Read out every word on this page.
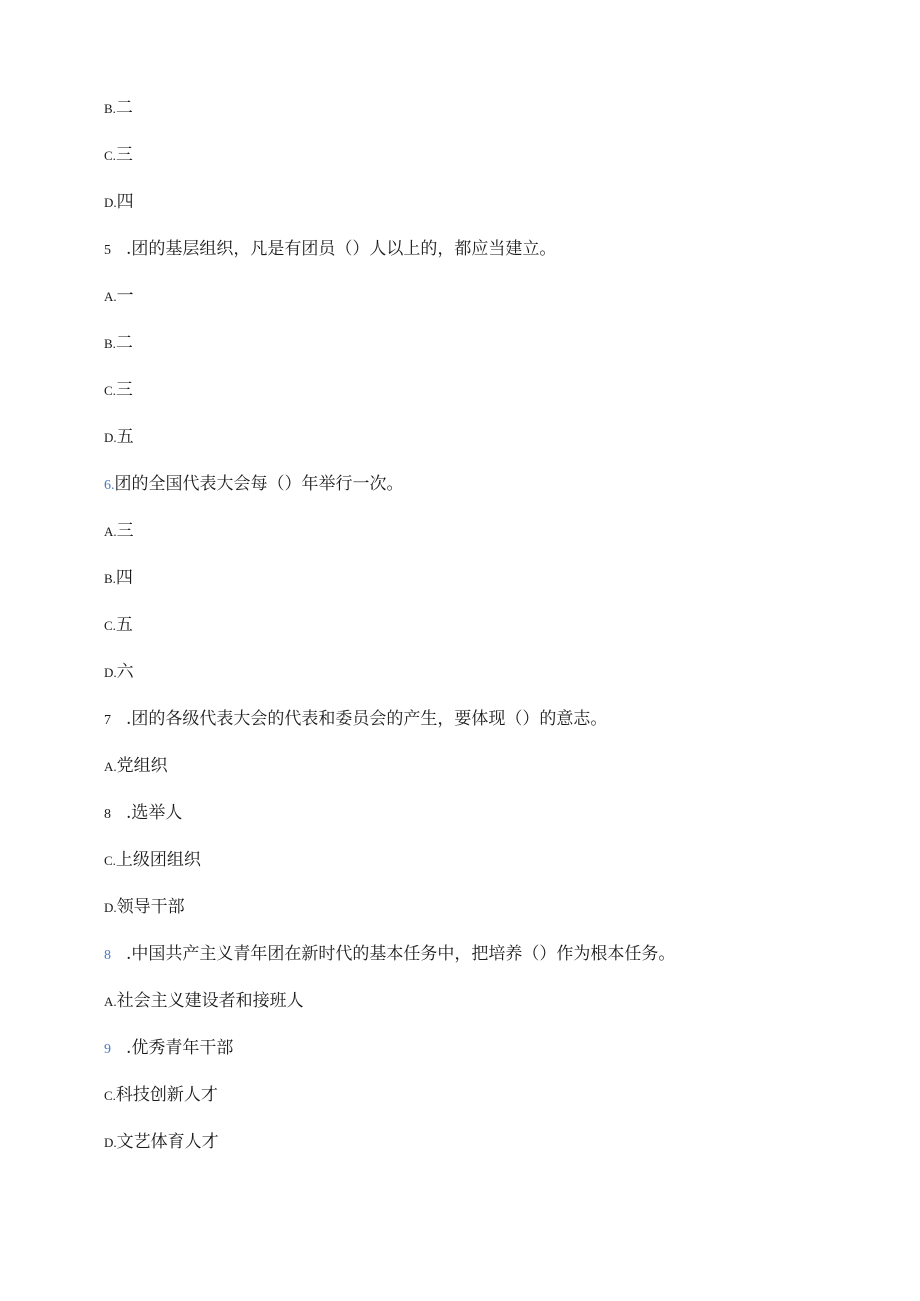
B.二
C.三
D.四
5 .团的基层组织，凡是有团员（）人以上的，都应当建立。
A.一
B.二
C.三
D.五
6.团的全国代表大会每（）年举行一次。
A.三
B.四
C.五
D.六
7 .团的各级代表大会的代表和委员会的产生，要体现（）的意志。
A.党组织
8 .选举人
C.上级团组织
D.领导干部
8 .中国共产主义青年团在新时代的基本任务中，把培养（）作为根本任务。
A.社会主义建设者和接班人
9 .优秀青年干部
C.科技创新人才
D.文艺体育人才
